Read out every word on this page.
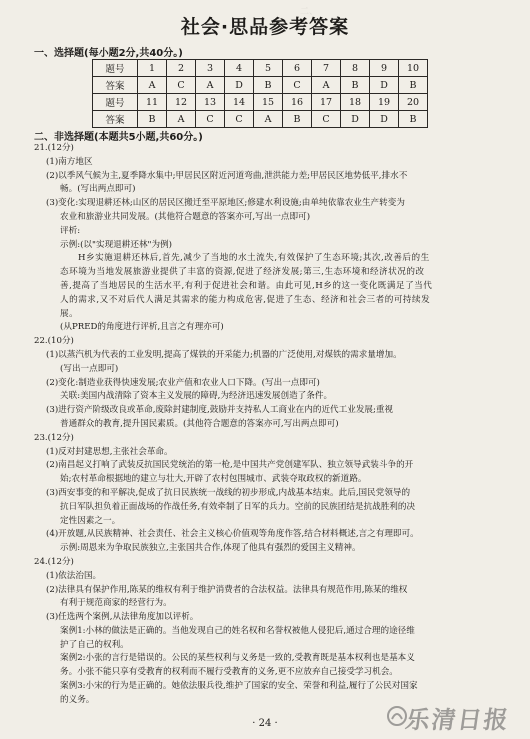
二、
社会·思品参考答案
一、选择题(每小题2分,共40分。)
题号	1	2	3	4	5	6	7	8	9	10
答案	A	C	A	D	B	C	A	B	D	B
题号	11	12	13	14	15	16	17	18	19	20
答案	B	A	C	C	A	B	C	D	D	B
二、非选择题(本题共5小题,共60分。)

21.(12分)

(1)南方地区

(2)以季风气候为主,夏季降水集中;甲居民区附近河道弯曲,泄洪能力差;甲居民区地势低平,排水不

畅。(写出两点即可)

(3)变化:实现退耕还林;山区的居民区搬迁至平原地区;修建水利设施;由单纯依靠农业生产转变为

农业和旅游业共同发展。(其他符合题意的答案亦可,写出一点即可)

评析:

示例:(以"实现退耕还林"为例)

H乡实施退耕还林后,首先,减少了当地的水土流失,有效保护了生态环境;其次,改善后的生

态环境为当地发展旅游业提供了丰富的资源,促进了经济发展;第三,生态环境和经济状况的改

善,提高了当地居民的生活水平,有利于促进社会和谐。由此可见,H乡的这一变化既满足了当代

人的需求,又不对后代人满足其需求的能力构成危害,促进了生态、经济和社会三者的可持续发

展。

(从PRED的角度进行评析,且言之有理亦可)

22.(10分)

(1)以蒸汽机为代表的工业发明,提高了煤铁的开采能力;机器的广泛使用,对煤铁的需求量增加。

(写出一点即可)

(2)变化:制造业获得快速发展;农业产值和农业人口下降。(写出一点即可)

关联:美国内战清除了资本主义发展的障碍,为经济迅速发展创造了条件。

(3)进行资产阶级改良或革命,废除封建制度,鼓励并支持私人工商业在内的近代工业发展;重视

普通群众的教育,提升国民素质。(其他符合题意的答案亦可,写出两点即可)

23.(12分)

(1)反对封建思想,主张社会革命。

(2)南昌起义打响了武装反抗国民党统治的第一枪,是中国共产党创建军队、独立领导武装斗争的开

始;农村革命根据地的建立与壮大,开辟了农村包围城市、武装夺取政权的新道路。

(3)西安事变的和平解决,促成了抗日民族统一战线的初步形成,内战基本结束。此后,国民党领导的

抗日军队担负着正面战场的作战任务,有效牵制了日军的兵力。空前的民族团结是抗战胜利的决

定性因素之一。

(4)开放题,从民族精神、社会责任、社会主义核心价值观等角度作答,结合材料概述,言之有理即可。

示例:周恩来为争取民族独立,主张国共合作,体现了他具有强烈的爱国主义精神。

24.(12分)

(1)依法治国。

(2)法律具有保护作用,陈某的维权有利于维护消费者的合法权益。法律具有规范作用,陈某的维权

有利于规范商家的经营行为。

(3)任选两个案例,从法律角度加以评析。

案例1:小林的做法是正确的。当他发现自己的姓名权和名誉权被他人侵犯后,通过合理的途径维

护了自己的权利。

案例2:小张的言行是错误的。公民的某些权利与义务是一致的,受教育既是基本权利也是基本义

务。小张不能只享有受教育的权利而不履行受教育的义务,更不应放弃自己接受学习机会。

案例3:小宋的行为是正确的。她依法服兵役,维护了国家的安全、荣誉和利益,履行了公民对国家

的义务。

· 24 ·	乐清日报
